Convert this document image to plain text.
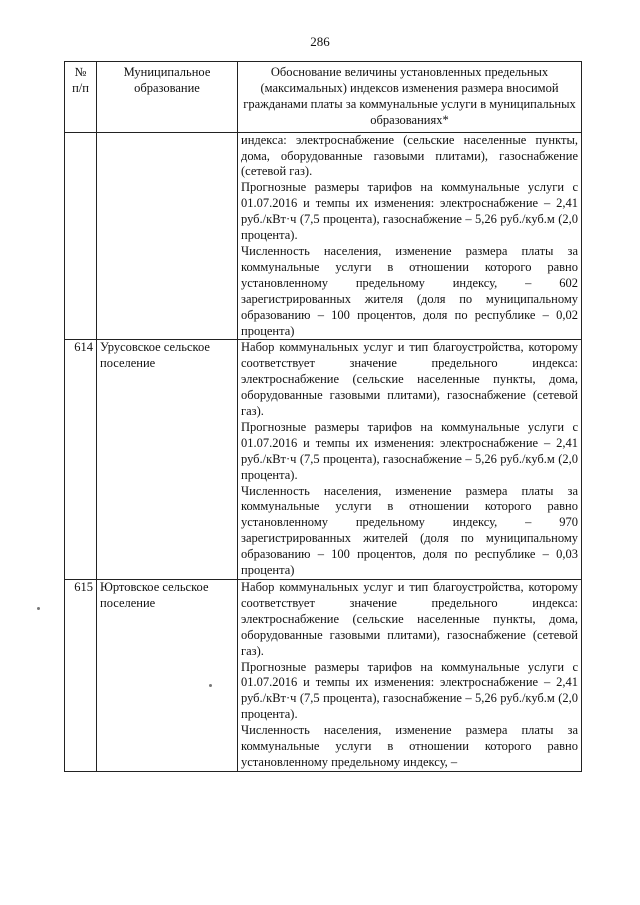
286
№ п/п	Муниципальное образование	Обоснование величины установленных предельных (максимальных) индексов изменения размера вносимой гражданами платы за коммунальные услуги в муниципальных образованиях*

		индекса: электроснабжение (сельские населенные пункты, дома, оборудованные газовыми плитами), газоснабжение (сетевой газ).

Прогнозные размеры тарифов на коммунальные услуги с 01.07.2016 и темпы их изменения: электроснабжение – 2,41 руб./кВт·ч (7,5 процента), газоснабжение – 5,26 руб./куб.м (2,0 процента).

Численность населения, изменение размера платы за коммунальные услуги в отношении которого равно установленному предельному индексу, – 602 зарегистрированных жителя (доля по муниципальному образованию – 100 процентов, доля по республике – 0,02 процента)

614	Урусовское сельское поселение	Набор коммунальных услуг и тип благоустройства, которому соответствует значение предельного индекса: электроснабжение (сельские населенные пункты, дома, оборудованные газовыми плитами), газоснабжение (сетевой газ).

Прогнозные размеры тарифов на коммунальные услуги с 01.07.2016 и темпы их изменения: электроснабжение – 2,41 руб./кВт·ч (7,5 процента), газоснабжение – 5,26 руб./куб.м (2,0 процента).

Численность населения, изменение размера платы за коммунальные услуги в отношении которого равно установленному предельному индексу, – 970 зарегистрированных жителей (доля по муниципальному образованию – 100 процентов, доля по республике – 0,03 процента)

615	Юртовское сельское поселение	Набор коммунальных услуг и тип благоустройства, которому соответствует значение предельного индекса: электроснабжение (сельские населенные пункты, дома, оборудованные газовыми плитами), газоснабжение (сетевой газ).

Прогнозные размеры тарифов на коммунальные услуги с 01.07.2016 и темпы их изменения: электроснабжение – 2,41 руб./кВт·ч (7,5 процента), газоснабжение – 5,26 руб./куб.м (2,0 процента).

Численность населения, изменение размера платы за коммунальные услуги в отношении которого равно установленному предельному индексу, –
